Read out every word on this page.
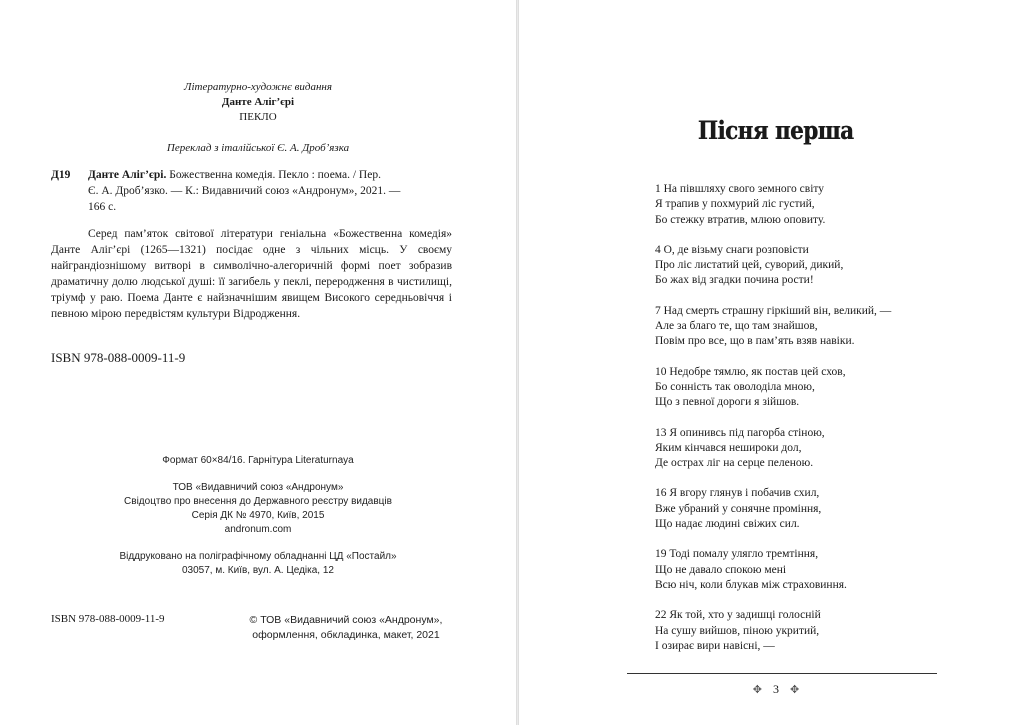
Літературно-художнє видання
Данте Аліг’єрі
ПЕКЛО
Переклад з італійської Є. А. Дроб’язка
Д19 Данте Аліг’єрі. Божественна комедія. Пекло : поема. / Пер.
Є. А. Дроб’язко. — К.: Видавничий союз «Андронум», 2021. —
166 с.
Серед пам’яток світової літератури геніальна «Божественна комедія» Данте Аліг’єрі (1265—1321) посідає одне з чільних місць. У своєму найграндіознішому витворі в символічно-алегоричній формі поет зобразив драматичну долю людської душі: її загибель у пеклі, переродження в чистилищі, тріумф у раю. Поема Данте є найзначнішим явищем Високого середньовіччя і певною мірою передвістям культури Відродження.
ISBN 978-088-0009-11-9
Формат 60×84/16. Гарнітура Literaturnaya
ТОВ «Видавничий союз «Андронум»
Свідоцтво про внесення до Державного реєстру видавців
Серія ДК № 4970, Київ, 2015
andronum.com
Віддруковано на поліграфічному обладнанні ЦД «Постайл»
03057, м. Київ, вул. А. Цедіка, 12
ISBN 978-088-0009-11-9	© ТОВ «Видавничий союз «Андронум»,
оформлення, обкладинка, макет, 2021
Пісня перша
1 На півшляху свого земного світу
Я трапив у похмурий ліс густий,
Бо стежку втратив, млюю оповиту.
4 О, де візьму снаги розповісти
Про ліс листатий цей, суворий, дикий,
Бо жах від згадки почина рости!
7 Над смерть страшну гіркіший він, великий, —
Але за благо те, що там знайшов,
Повім про все, що в пам’ять взяв навіки.
10 Недобре тямлю, як постав цей схов,
Бо сонність так оволоділа мною,
Що з певної дороги я зійшов.
13 Я опинивсь під пагорба стіною,
Яким кінчався нешироки дол,
Де острах ліг на серце пеленою.
16 Я вгору глянув і побачив схил,
Вже убраний у сонячне проміння,
Що надає людині свіжих сил.
19 Тоді помалу улягло тремтіння,
Що не давало спокою мені
Всю ніч, коли блукав між страховиння.
22 Як той, хто у задишці голосній
На сушу вийшов, піною укритий,
І озирає вири навісні, —
✥ 3 ✥
